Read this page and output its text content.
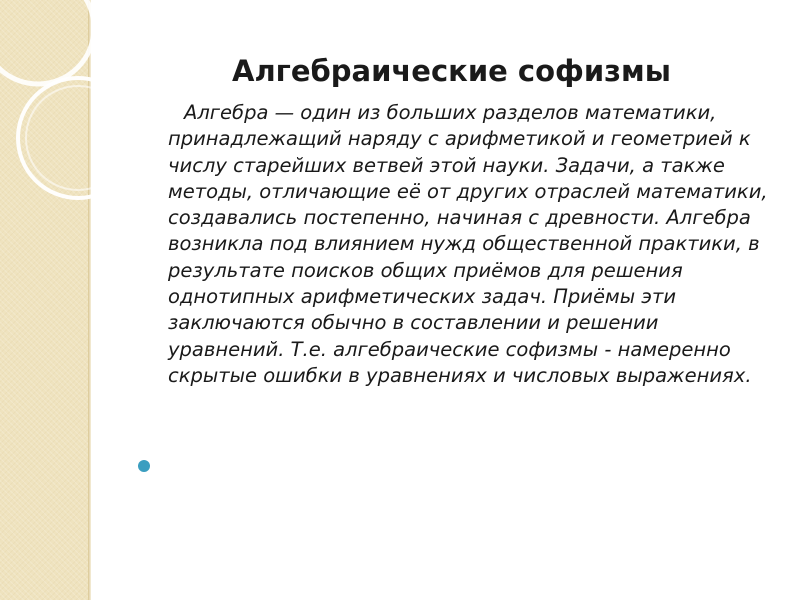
Алгебраические софизмы

Алгебра — один из больших разделов математики, принадлежащий наряду с арифметикой и геометрией к числу старейших ветвей этой науки. Задачи, а также методы, отличающие её от других отраслей математики, создавались постепенно, начиная с древности. Алгебра возникла под влиянием нужд общественной практики, в результате поисков общих приёмов для решения однотипных арифметических задач. Приёмы эти заключаются обычно в составлении и решении уравнений. Т.е. алгебраические софизмы - намеренно скрытые ошибки в уравнениях и числовых выражениях.
